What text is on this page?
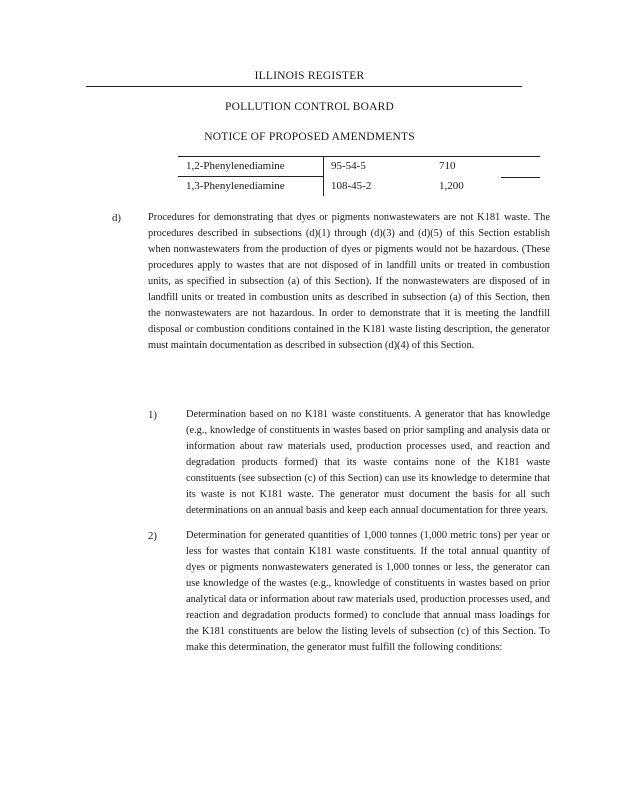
ILLINOIS REGISTER
POLLUTION CONTROL BOARD
NOTICE OF PROPOSED AMENDMENTS
1,2-Phenylenediamine	95-54-5	710
1,3-Phenylenediamine	108-45-2	1,200
d)	Procedures for demonstrating that dyes or pigments nonwastewaters are not K181 waste. The procedures described in subsections (d)(1) through (d)(3) and (d)(5) of this Section establish when nonwastewaters from the production of dyes or pigments would not be hazardous. (These procedures apply to wastes that are not disposed of in landfill units or treated in combustion units, as specified in subsection (a) of this Section). If the nonwastewaters are disposed of in landfill units or treated in combustion units as described in subsection (a) of this Section, then the nonwastewaters are not hazardous. In order to demonstrate that it is meeting the landfill disposal or combustion conditions contained in the K181 waste listing description, the generator must maintain documentation as described in subsection (d)(4) of this Section.
1)	Determination based on no K181 waste constituents. A generator that has knowledge (e.g., knowledge of constituents in wastes based on prior sampling and analysis data or information about raw materials used, production processes used, and reaction and degradation products formed) that its waste contains none of the K181 waste constituents (see subsection (c) of this Section) can use its knowledge to determine that its waste is not K181 waste. The generator must document the basis for all such determinations on an annual basis and keep each annual documentation for three years.
2)	Determination for generated quantities of 1,000 tonnes (1,000 metric tons) per year or less for wastes that contain K181 waste constituents. If the total annual quantity of dyes or pigments nonwastewaters generated is 1,000 tonnes or less, the generator can use knowledge of the wastes (e.g., knowledge of constituents in wastes based on prior analytical data or information about raw materials used, production processes used, and reaction and degradation products formed) to conclude that annual mass loadings for the K181 constituents are below the listing levels of subsection (c) of this Section. To make this determination, the generator must fulfill the following conditions:
